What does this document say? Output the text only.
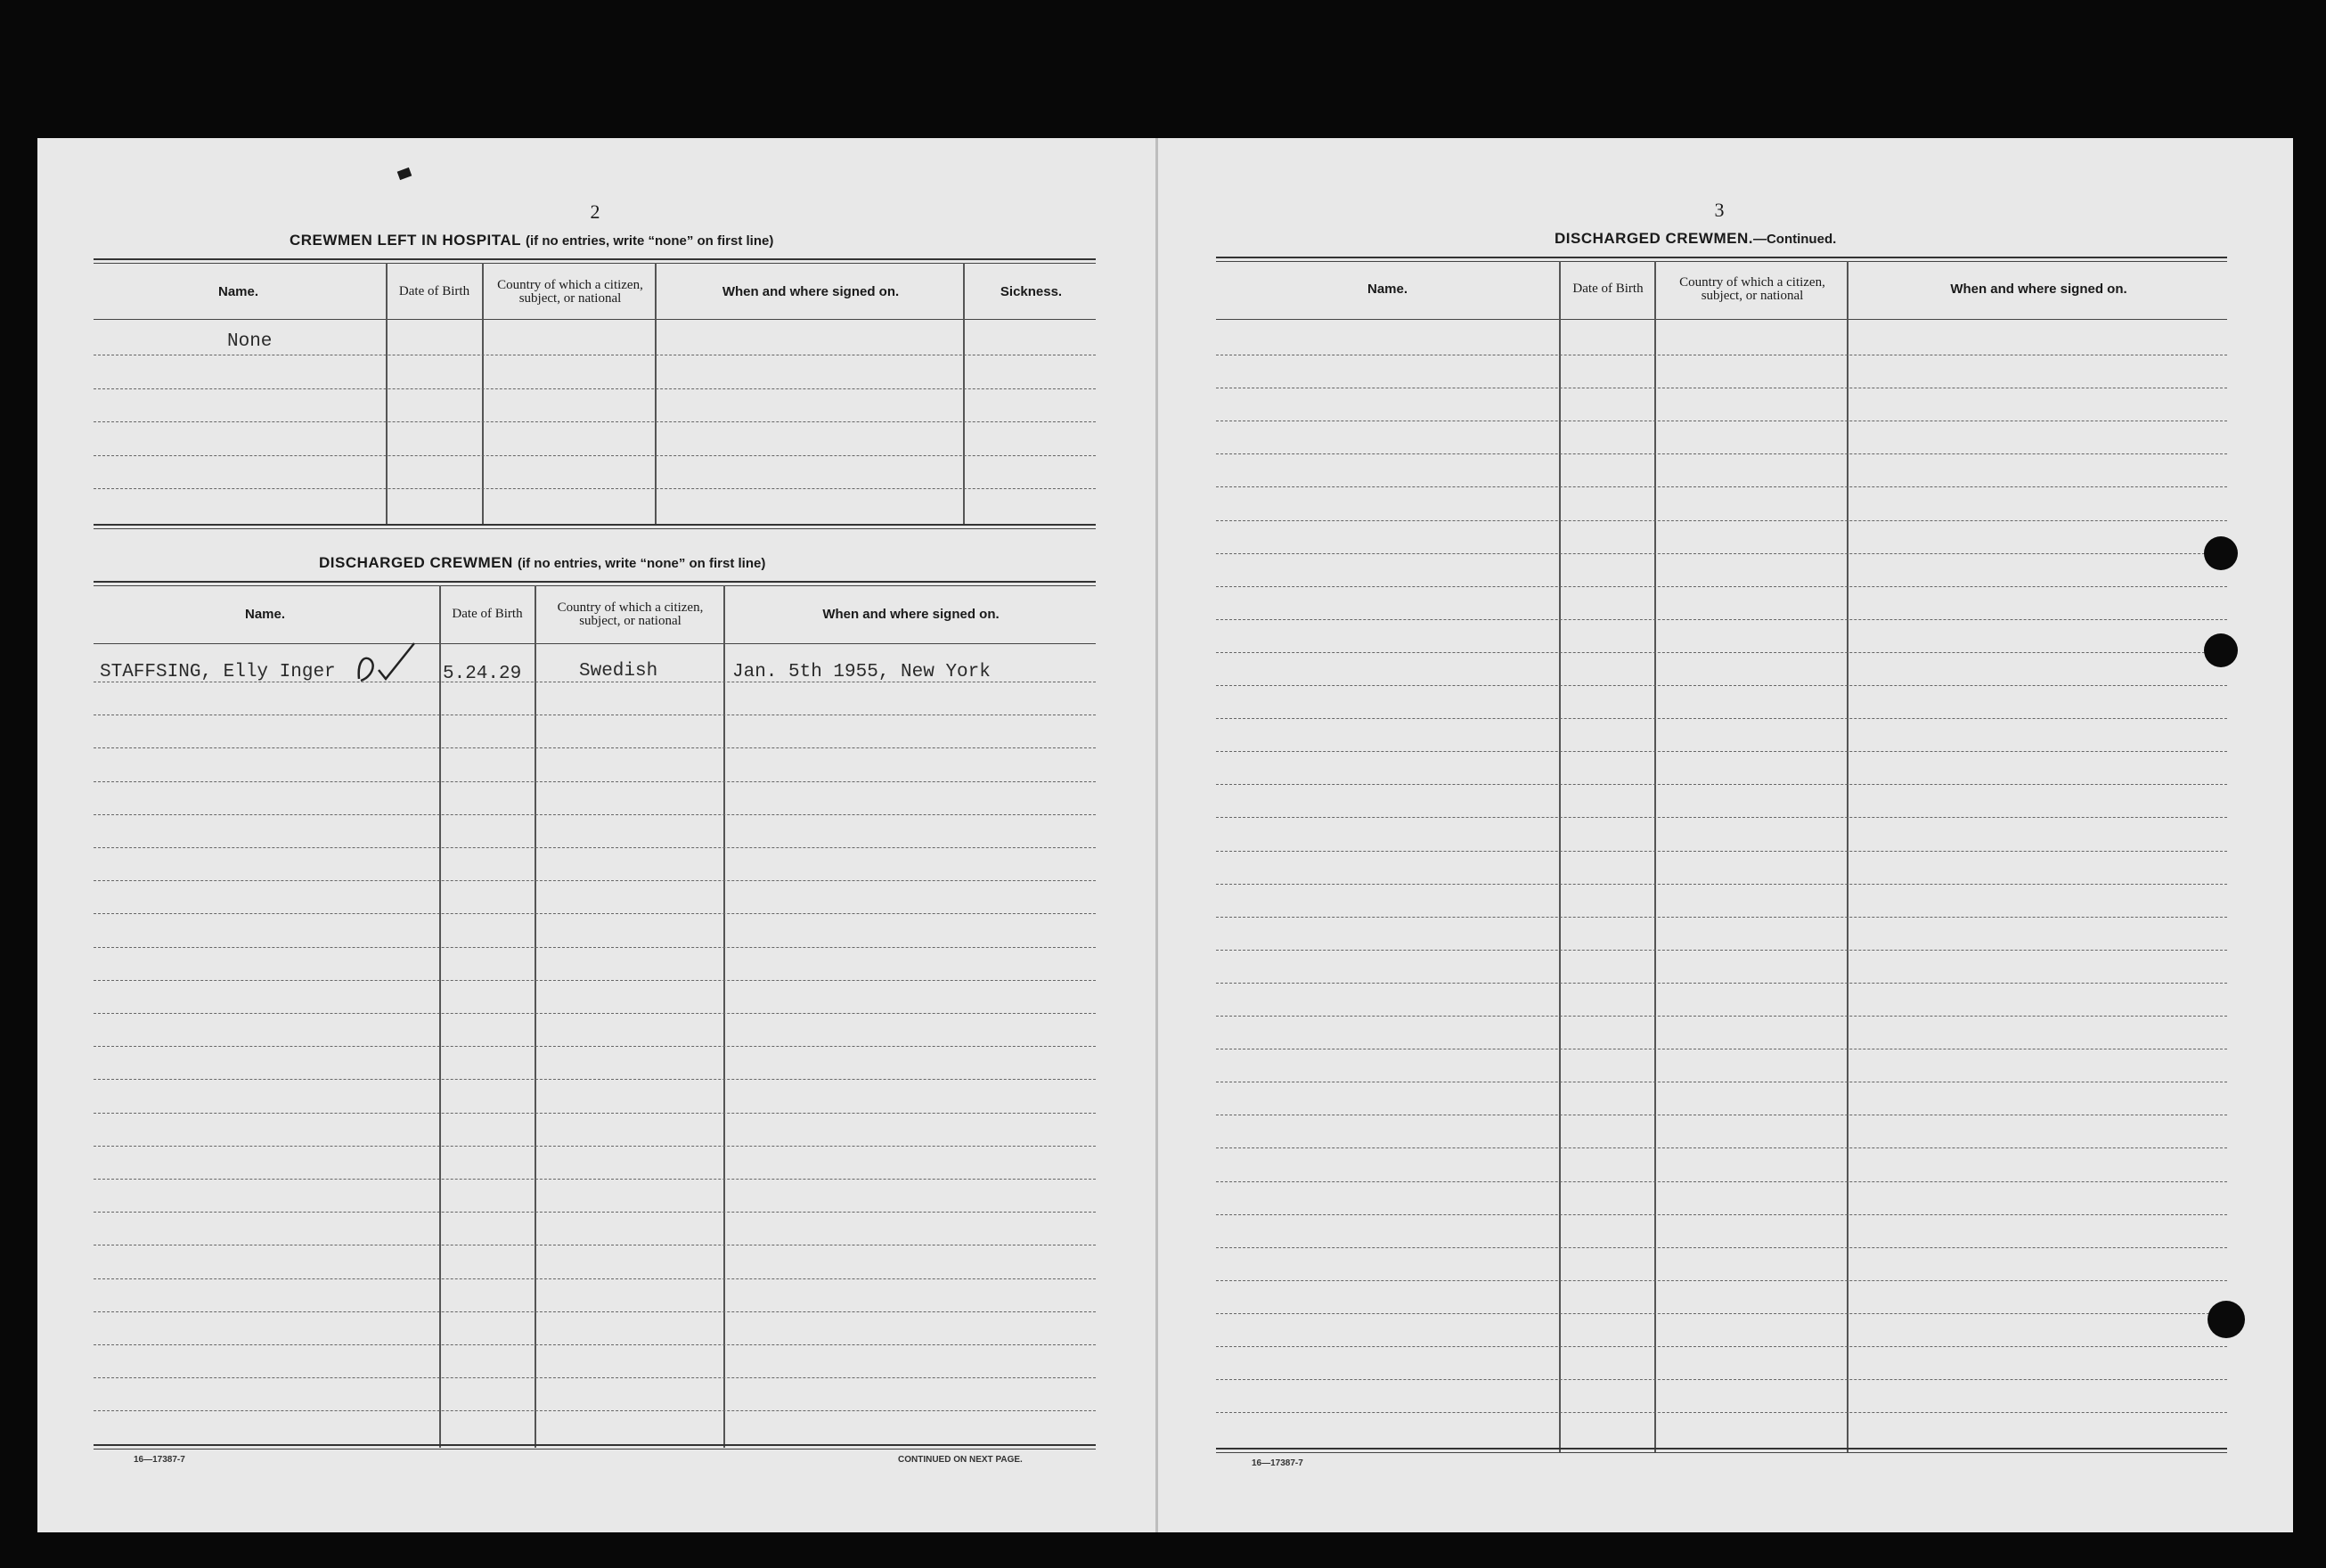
2
CREWMEN LEFT IN HOSPITAL (if no entries, write “none” on first line)
Name.	Date of Birth	Country of which a citizen, subject, or national	When and where signed on.	Sickness.
None
DISCHARGED CREWMEN (if no entries, write “none” on first line)
Name.	Date of Birth	Country of which a citizen, subject, or national	When and where signed on.
STAFFSING, Elly Inger	5.24.29	Swedish	Jan. 5th 1955, New York
16—17387-7	CONTINUED ON NEXT PAGE.
3
DISCHARGED CREWMEN.—Continued.
Name.	Date of Birth	Country of which a citizen, subject, or national	When and where signed on.
16—17387-7
